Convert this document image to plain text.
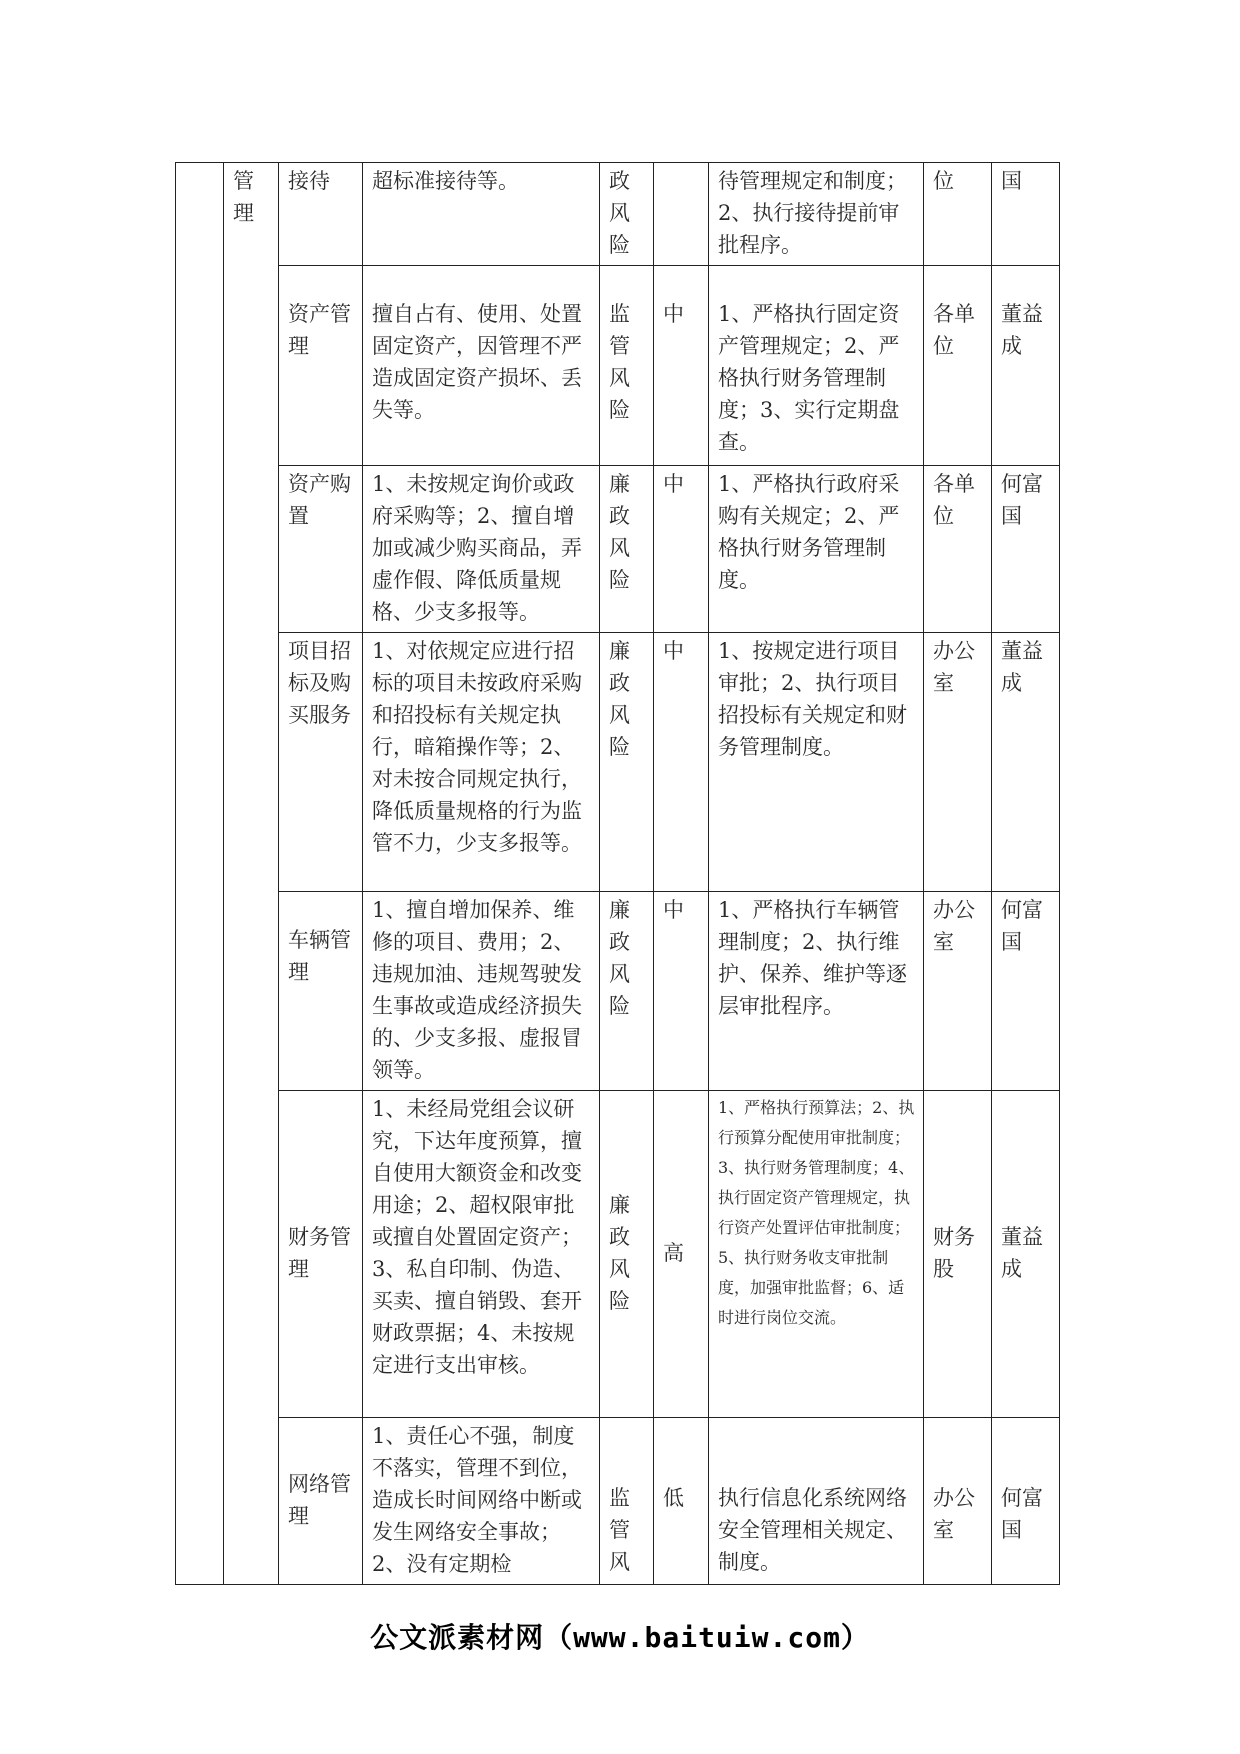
	管理	接待	超标准接待等。	政风险		待管理规定和制度；2、执行接待提前审批程序。	位	国
		资产管理	擅自占有、使用、处置固定资产，因管理不严造成固定资产损坏、丢失等。	监管风险	中	1、严格执行固定资产管理规定；2、严格执行财务管理制度；3、实行定期盘查。	各单位	董益成
		资产购置	1、未按规定询价或政府采购等；2、擅自增加或减少购买商品，弄虚作假、降低质量规格、少支多报等。	廉政风险	中	1、严格执行政府采购有关规定；2、严格执行财务管理制度。	各单位	何富国
		项目招标及购买服务	1、对依规定应进行招标的项目未按政府采购和招投标有关规定执行，暗箱操作等；2、对未按合同规定执行，降低质量规格的行为监管不力，少支多报等。	廉政风险	中	1、按规定进行项目审批；2、执行项目招投标有关规定和财务管理制度。	办公室	董益成
		车辆管理	1、擅自增加保养、维修的项目、费用；2、违规加油、违规驾驶发生事故或造成经济损失的、少支多报、虚报冒领等。	廉政风险	中	1、严格执行车辆管理制度；2、执行维护、保养、维护等逐层审批程序。	办公室	何富国
		财务管理	1、未经局党组会议研究，下达年度预算，擅自使用大额资金和改变用途；2、超权限审批或擅自处置固定资产；3、私自印制、伪造、买卖、擅自销毁、套开财政票据；4、未按规定进行支出审核。	廉政风险	高	1、严格执行预算法；2、执行预算分配使用审批制度；3、执行财务管理制度；4、执行固定资产管理规定，执行资产处置评估审批制度；5、执行财务收支审批制度，加强审批监督；6、适时进行岗位交流。	财务股	董益成
		网络管理	1、责任心不强，制度不落实，管理不到位，造成长时间网络中断或发生网络安全事故；2、没有定期检	监管风	低	执行信息化系统网络安全管理相关规定、制度。	办公室	何富国
公文派素材网（www.baituiw.com）
